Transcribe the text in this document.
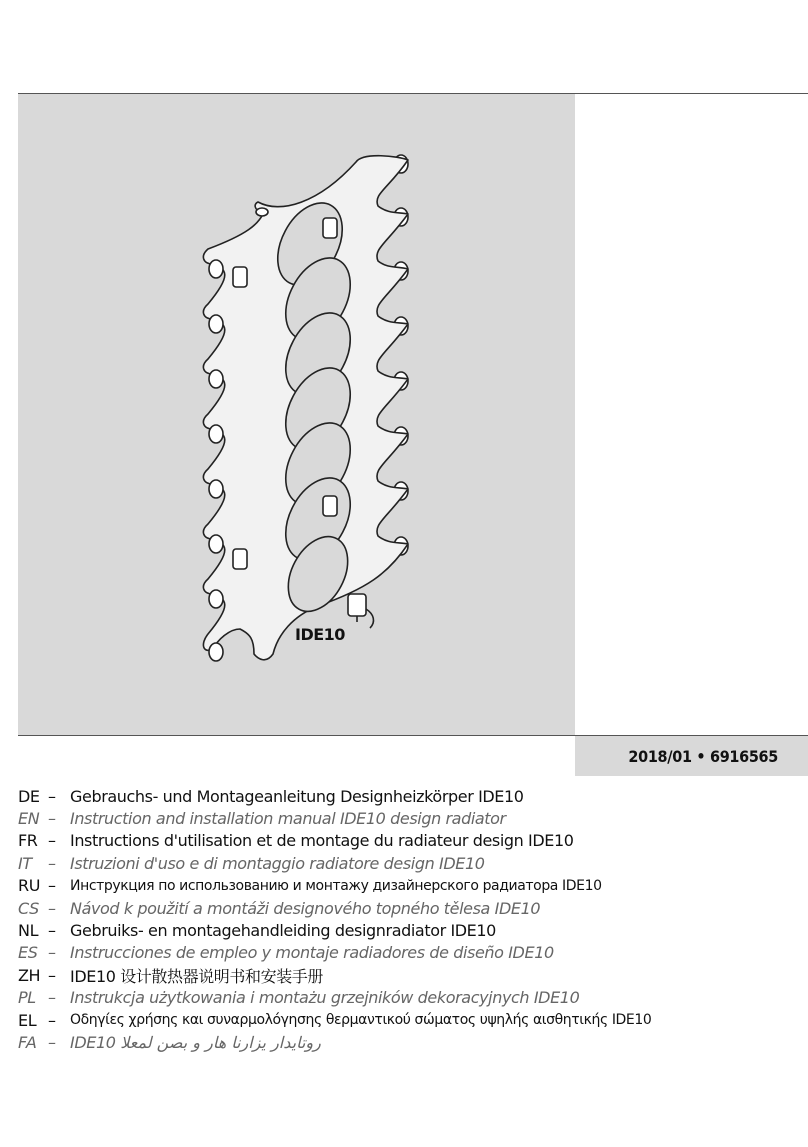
IDE10
2018/01 • 6916565
DE – Gebrauchs- und Montageanleitung Designheizkörper IDE10
EN – Instruction and installation manual IDE10 design radiator
FR – Instructions d'utilisation et de montage du radiateur design IDE10
IT	– Istruzioni d'uso e di montaggio radiatore design IDE10
RU –	Инструкция по использованию и монтажу дизайнерского радиатора IDE10
CS – Návod k použití a montáži designového topného tělesa IDE10
NL – Gebruiks- en montagehandleiding designradiator IDE10
ES – Instrucciones de empleo y montaje radiadores de diseño IDE10
ZH – IDE10 设计散热器说明书和安装手册
PL – Instrukcja użytkowania i montażu grzejników dekoracyjnych IDE10
EL –	Οδηγίες χρήσης και συναρμολόγησης θερμαντικού σώματος υψηλής αισθητικής IDE10
FA – IDE10 روتایدار یزارنا هار و بصن لمعلا
